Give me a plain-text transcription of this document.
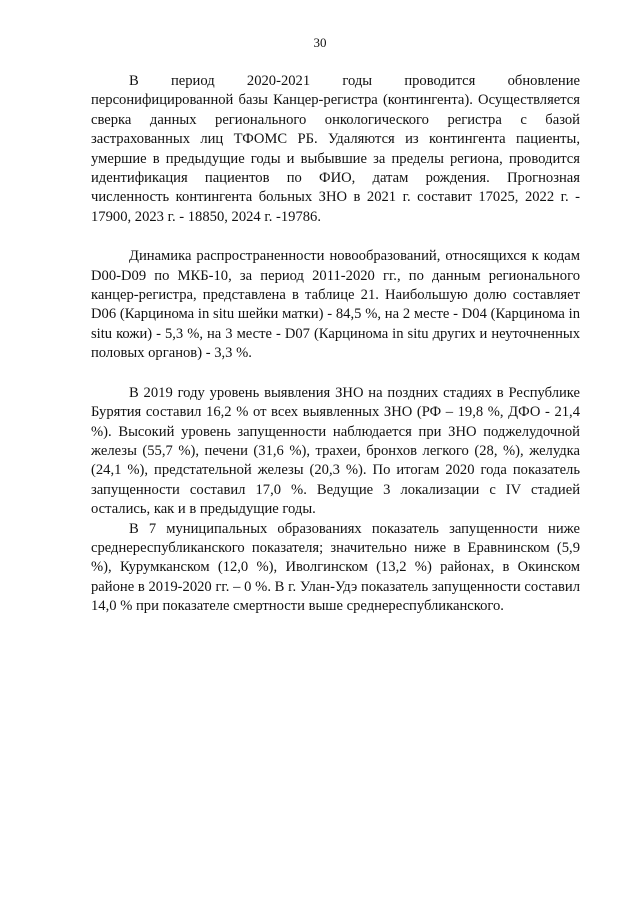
30

В период 2020-2021 годы проводится обновление персонифицированной базы Канцер-регистра (контингента). Осуществляется сверка данных регионального онкологического регистра с базой застрахованных лиц ТФОМС РБ. Удаляются из контингента пациенты, умершие в предыдущие годы и выбывшие за пределы региона, проводится идентификация пациентов по ФИО, датам рождения. Прогнозная численность контингента больных ЗНО в 2021 г. составит 17025, 2022 г. - 17900, 2023 г. - 18850, 2024 г. -19786.

Динамика распространенности новообразований, относящихся к кодам D00-D09 по МКБ-10, за период 2011-2020 гг., по данным регионального канцер-регистра, представлена в таблице 21. Наибольшую долю составляет D06 (Карцинома in situ шейки матки) - 84,5 %, на 2 месте - D04 (Карцинома in situ кожи) - 5,3 %, на 3 месте - D07 (Карцинома in situ других и неуточненных половых органов) - 3,3 %.

В 2019 году уровень выявления ЗНО на поздних стадиях в Республике Бурятия составил 16,2 % от всех выявленных ЗНО (РФ – 19,8 %, ДФО - 21,4 %). Высокий уровень запущенности наблюдается при ЗНО поджелудочной железы (55,7 %), печени (31,6 %), трахеи, бронхов легкого (28, %), желудка (24,1 %), предстательной железы (20,3 %). По итогам 2020 года показатель запущенности составил 17,0 %. Ведущие 3 локализации с IV стадией остались, как и в предыдущие годы.

В 7 муниципальных образованиях показатель запущенности ниже среднереспубликанского показателя; значительно ниже в Еравнинском (5,9 %), Курумканском (12,0 %), Иволгинском (13,2 %) районах, в Окинском районе в 2019-2020 гг. – 0 %. В г. Улан-Удэ показатель запущенности составил 14,0 % при показателе смертности выше среднереспубликанского.
